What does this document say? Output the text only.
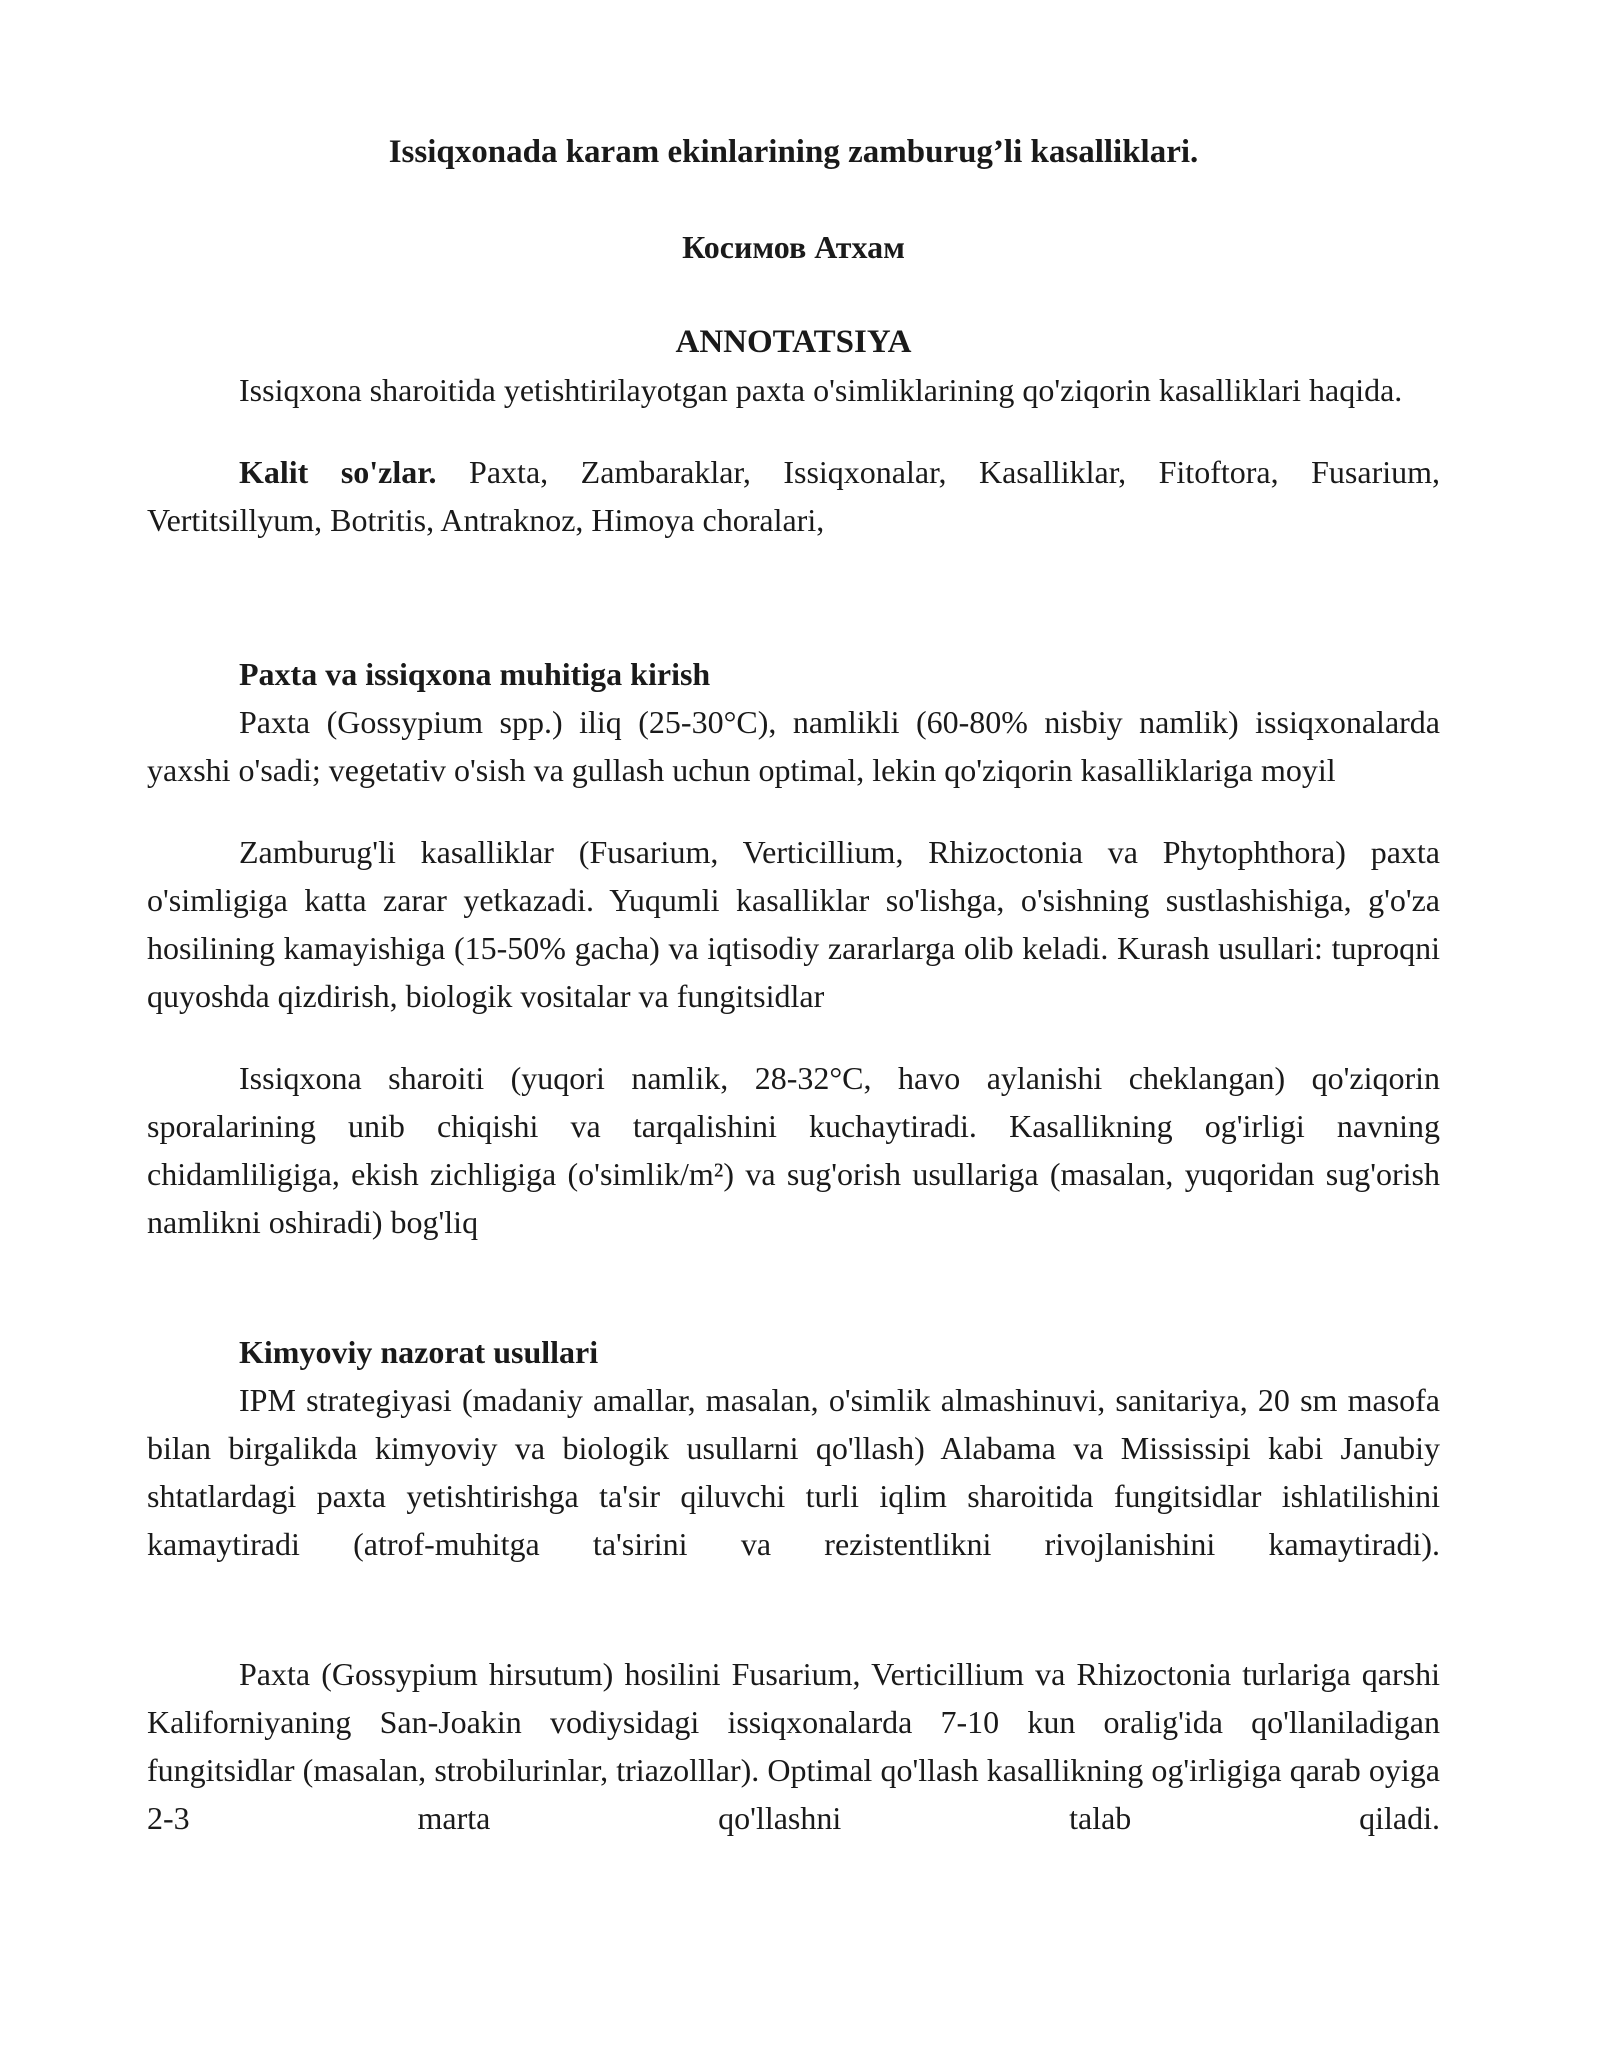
Issiqxonada karam ekinlarining zamburug’li kasalliklari.
Косимов Атхам
ANNOTATSIYA

Issiqxona sharoitida yetishtirilayotgan paxta o'simliklarining qo'ziqorin kasalliklari haqida.

Kalit so'zlar. Paxta, Zambaraklar, Issiqxonalar, Kasalliklar, Fitoftora, Fusarium, Vertitsillyum, Botritis, Antraknoz, Himoya choralari,

Paxta va issiqxona muhitiga kirish

Paxta (Gossypium spp.) iliq (25-30°C), namlikli (60-80% nisbiy namlik) issiqxonalarda yaxshi o'sadi; vegetativ o'sish va gullash uchun optimal, lekin qo'ziqorin kasalliklariga moyil

Zamburug'li kasalliklar (Fusarium, Verticillium, Rhizoctonia va Phytophthora) paxta o'simligiga katta zarar yetkazadi. Yuqumli kasalliklar so'lishga, o'sishning sustlashishiga, g'o'za hosilining kamayishiga (15-50% gacha) va iqtisodiy zararlarga olib keladi. Kurash usullari: tuproqni quyoshda qizdirish, biologik vositalar va fungitsidlar

Issiqxona sharoiti (yuqori namlik, 28-32°C, havo aylanishi cheklangan) qo'ziqorin sporalarining unib chiqishi va tarqalishini kuchaytiradi. Kasallikning og'irligi navning chidamliligiga, ekish zichligiga (o'simlik/m²) va sug'orish usullariga (masalan, yuqoridan sug'orish namlikni oshiradi) bog'liq

Kimyoviy nazorat usullari

IPM strategiyasi (madaniy amallar, masalan, o'simlik almashinuvi, sanitariya, 20 sm masofa bilan birgalikda kimyoviy va biologik usullarni qo'llash) Alabama va Mississipi kabi Janubiy shtatlardagi paxta yetishtirishga ta'sir qiluvchi turli iqlim sharoitida fungitsidlar ishlatilishini kamaytiradi (atrof-muhitga ta'sirini va rezistentlikni rivojlanishini kamaytiradi).

Paxta (Gossypium hirsutum) hosilini Fusarium, Verticillium va Rhizoctonia turlariga qarshi Kaliforniyaning San-Joakin vodiysidagi issiqxonalarda 7-10 kun oralig'ida qo'llaniladigan fungitsidlar (masalan, strobilurinlar, triazolllar). Optimal qo'llash kasallikning og'irligiga qarab oyiga 2-3 marta qo'llashni talab qiladi.
